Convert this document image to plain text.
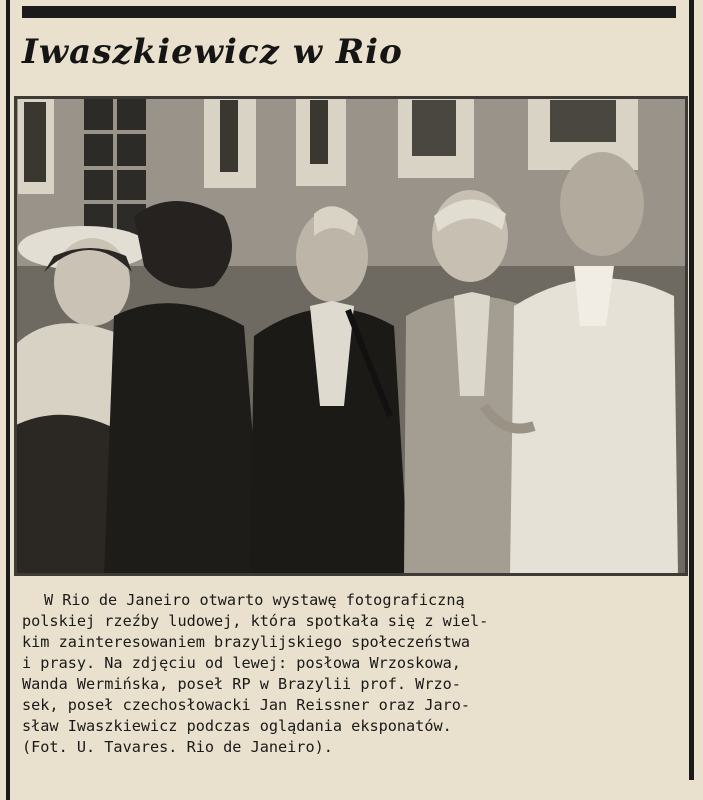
Iwaszkiewicz w Rio
W Rio de Janeiro otwarto wystawę fotograficzną
polskiej rzeźby ludowej, która spotkała się z wiel-
kim zainteresowaniem brazylijskiego społeczeństwa
i prasy. Na zdjęciu od lewej: posłowa Wrzoskowa,
Wanda Wermińska, poseł RP w Brazylii prof. Wrzo-
sek, poseł czechosłowacki Jan Reissner oraz Jaro-
sław Iwaszkiewicz podczas oglądania eksponatów.
(Fot. U. Tavares. Rio de Janeiro).
